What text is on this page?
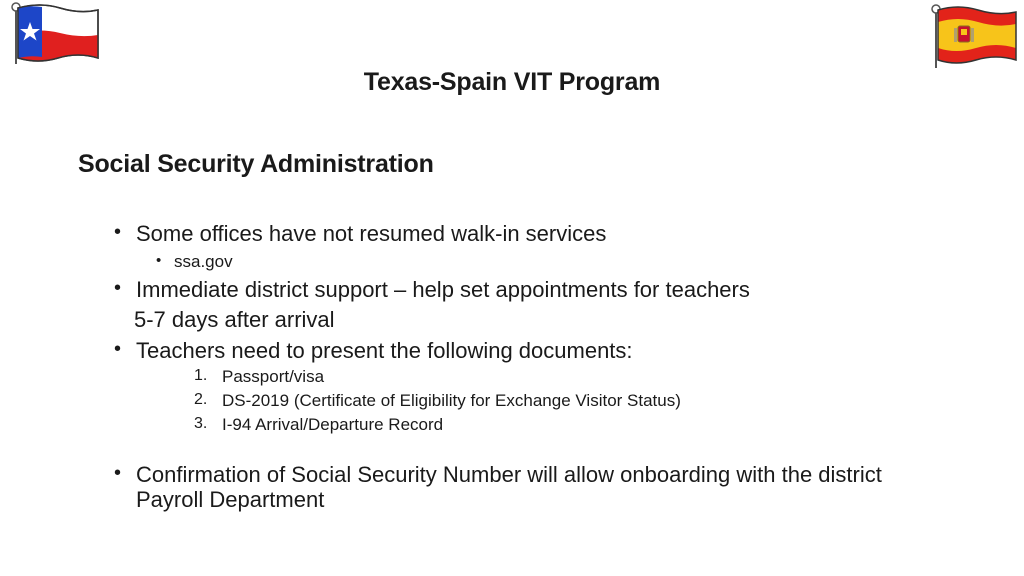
Texas-Spain VIT Program
Social Security Administration
• Some offices have not resumed walk-in services
• ssa.gov
• Immediate district support – help set appointments for teachers
5-7 days after arrival
• Teachers need to present the following documents:
1. Passport/visa
2. DS-2019 (Certificate of Eligibility for Exchange Visitor Status)
3. I-94 Arrival/Departure Record
• Confirmation of Social Security Number will allow onboarding with the district
Payroll Department
